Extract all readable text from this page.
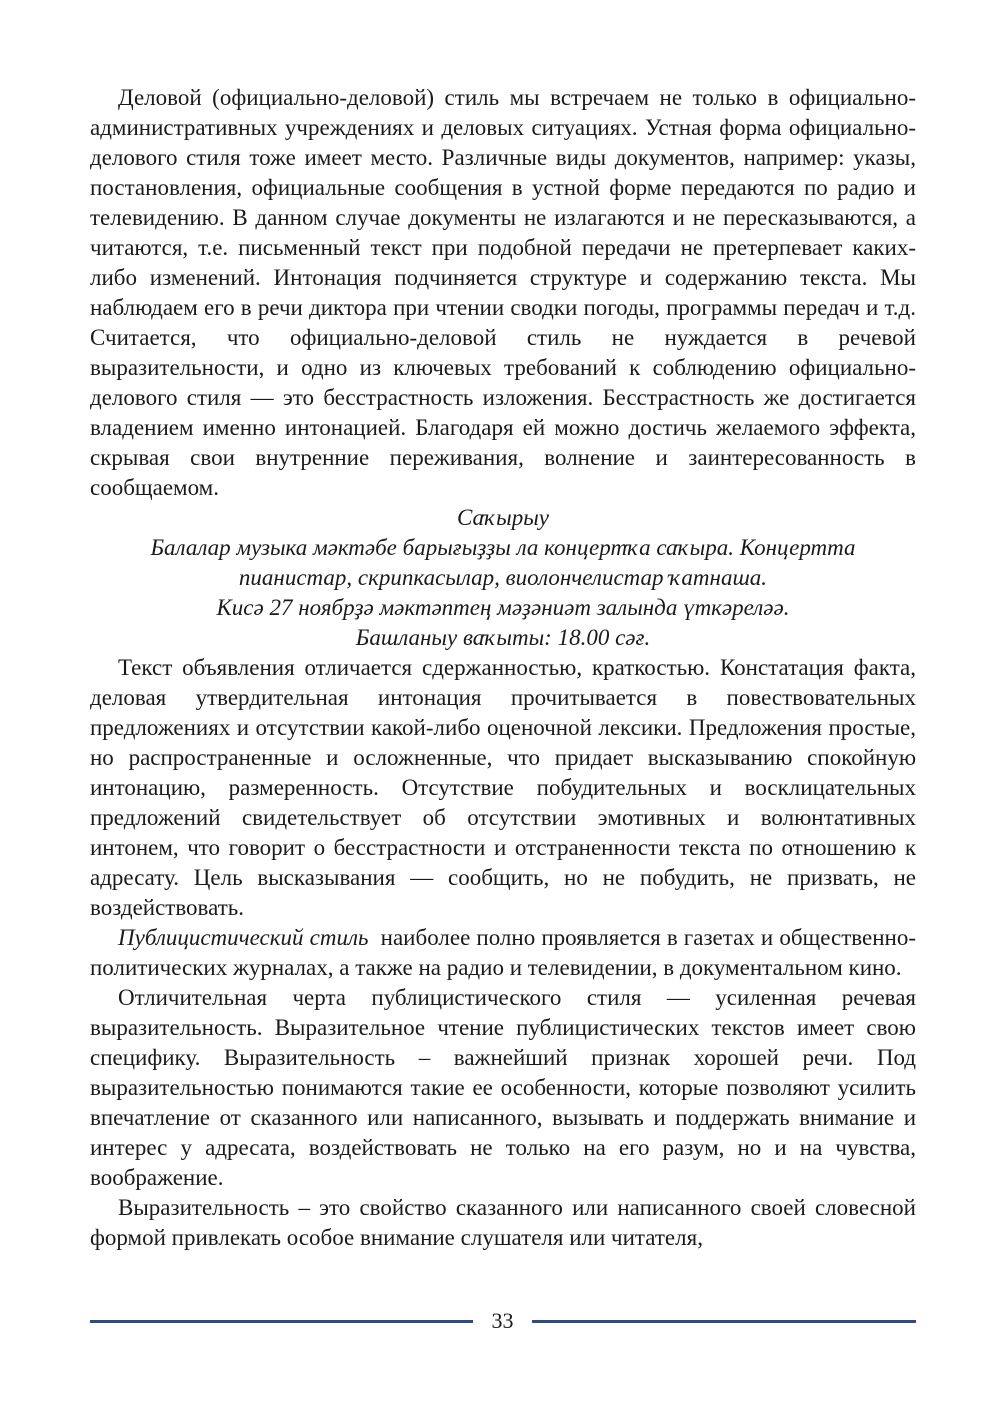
Деловой (официально-деловой) стиль мы встречаем не только в официально-административных учреждениях и деловых ситуациях. Устная форма официально-делового стиля тоже имеет место. Различные виды документов, например: указы, постановления, официальные сообщения в устной форме передаются по радио и телевидению. В данном случае документы не излагаются и не пересказываются, а читаются, т.е. письменный текст при подобной передачи не претерпевает каких-либо изменений. Интонация подчиняется структуре и содержанию текста. Мы наблюдаем его в речи диктора при чтении сводки погоды, программы передач и т.д. Считается, что официально-деловой стиль не нуждается в речевой выразительности, и одно из ключевых требований к соблюдению официально-делового стиля — это бесстрастность изложения. Бесстрастность же достигается владением именно интонацией. Благодаря ей можно достичь желаемого эффекта, скрывая свои внутренние переживания, волнение и заинтересованность в сообщаемом.

Саҡырыу
Балалар музыка мәктәбе барығыҙҙы ла концертҡа саҡыра. Концертта
пианистар, скрипкасылар, виолончелистар ҡатнаша.
Кисә 27 ноябрҙә мәктәптең мәҙәниәт залында үткәреләә.
Башланыу ваҡыты: 18.00 сәғ.

Текст объявления отличается сдержанностью, краткостью. Констатация факта, деловая утвердительная интонация прочитывается в повествовательных предложениях и отсутствии какой-либо оценочной лексики. Предложения простые, но распространенные и осложненные, что придает высказыванию спокойную интонацию, размеренность. Отсутствие побудительных и восклицательных предложений свидетельствует об отсутствии эмотивных и волюнтативных интонем, что говорит о бесстрастности и отстраненности текста по отношению к адресату. Цель высказывания — сообщить, но не побудить, не призвать, не воздействовать.

Публицистический стиль  наиболее полно проявляется в газетах и общественно-политических журналах, а также на радио и телевидении, в документальном кино.

Отличительная черта публицистического стиля — усиленная речевая выразительность. Выразительное чтение публицистических текстов имеет свою специфику. Выразительность – важнейший признак хорошей речи. Под выразительностью понимаются такие ее особенности, которые позволяют усилить впечатление от сказанного или написанного, вызывать и поддержать внимание и интерес у адресата, воздействовать не только на его разум, но и на чувства, воображение.

Выразительность – это свойство сказанного или написанного своей словесной формой привлекать особое внимание слушателя или читателя,

33
